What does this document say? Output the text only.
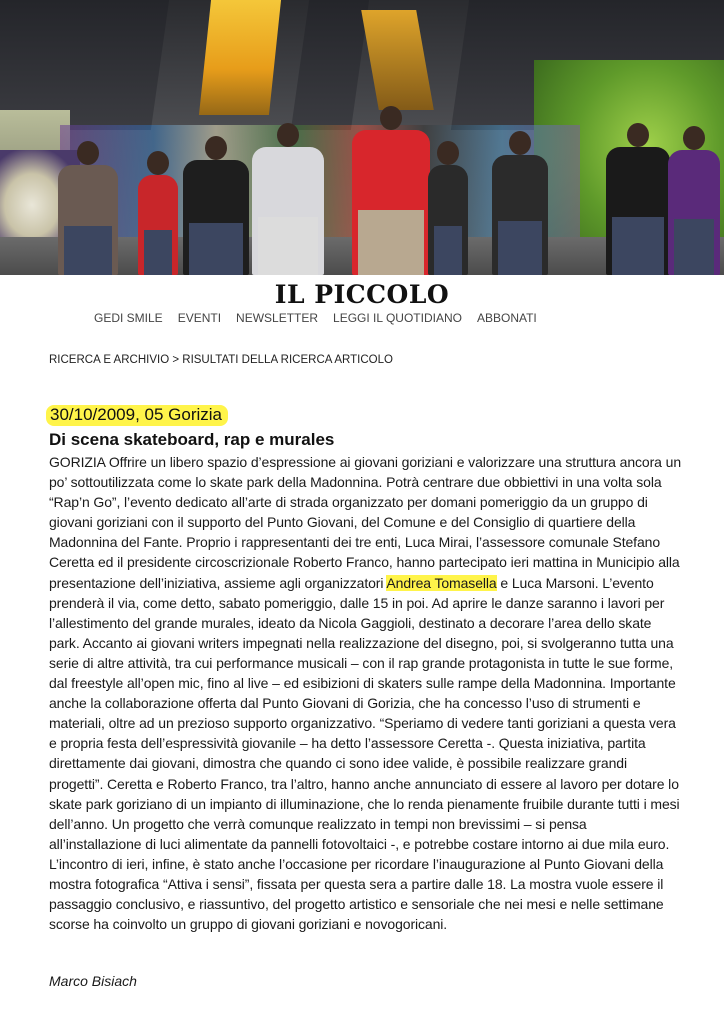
IL PICCOLO
GEDI SMILE EVENTI NEWSLETTER LEGGI IL QUOTIDIANO ABBONATI
RICERCA E ARCHIVIO > RISULTATI DELLA RICERCA ARTICOLO
30/10/2009, 05 Gorizia
Di scena skateboard, rap e murales

GORIZIA Offrire un libero spazio d’espressione ai giovani goriziani e valorizzare una struttura ancora un po’ sottoutilizzata come lo skate park della Madonnina. Potrà centrare due obbiettivi in una volta sola “Rap’n Go”, l’evento dedicato all’arte di strada organizzato per domani pomeriggio da un gruppo di giovani goriziani con il supporto del Punto Giovani, del Comune e del Consiglio di quartiere della Madonnina del Fante. Proprio i rappresentanti dei tre enti, Luca Mirai, l’assessore comunale Stefano Ceretta ed il presidente circoscrizionale Roberto Franco, hanno partecipato ieri mattina in Municipio alla presentazione dell’iniziativa, assieme agli organizzatori Andrea Tomasella e Luca Marsoni. L’evento prenderà il via, come detto, sabato pomeriggio, dalle 15 in poi. Ad aprire le danze saranno i lavori per l’allestimento del grande murales, ideato da Nicola Gaggioli, destinato a decorare l’area dello skate park. Accanto ai giovani writers impegnati nella realizzazione del disegno, poi, si svolgeranno tutta una serie di altre attività, tra cui performance musicali – con il rap grande protagonista in tutte le sue forme, dal freestyle all’open mic, fino al live – ed esibizioni di skaters sulle rampe della Madonnina. Importante anche la collaborazione offerta dal Punto Giovani di Gorizia, che ha concesso l’uso di strumenti e materiali, oltre ad un prezioso supporto organizzativo. “Speriamo di vedere tanti goriziani a questa vera e propria festa dell’espressività giovanile – ha detto l’assessore Ceretta -. Questa iniziativa, partita direttamente dai giovani, dimostra che quando ci sono idee valide, è possibile realizzare grandi progetti”. Ceretta e Roberto Franco, tra l’altro, hanno anche annunciato di essere al lavoro per dotare lo skate park goriziano di un impianto di illuminazione, che lo renda pienamente fruibile durante tutti i mesi dell’anno. Un progetto che verrà comunque realizzato in tempi non brevissimi – si pensa all’installazione di luci alimentate da pannelli fotovoltaici -, e potrebbe costare intorno ai due mila euro.

L’incontro di ieri, infine, è stato anche l’occasione per ricordare l’inaugurazione al Punto Giovani della mostra fotografica “Attiva i sensi”, fissata per questa sera a partire dalle 18. La mostra vuole essere il passaggio conclusivo, e riassuntivo, del progetto artistico e sensoriale che nei mesi e nelle settimane scorse ha coinvolto un gruppo di giovani goriziani e novogoricani.

Marco Bisiach
